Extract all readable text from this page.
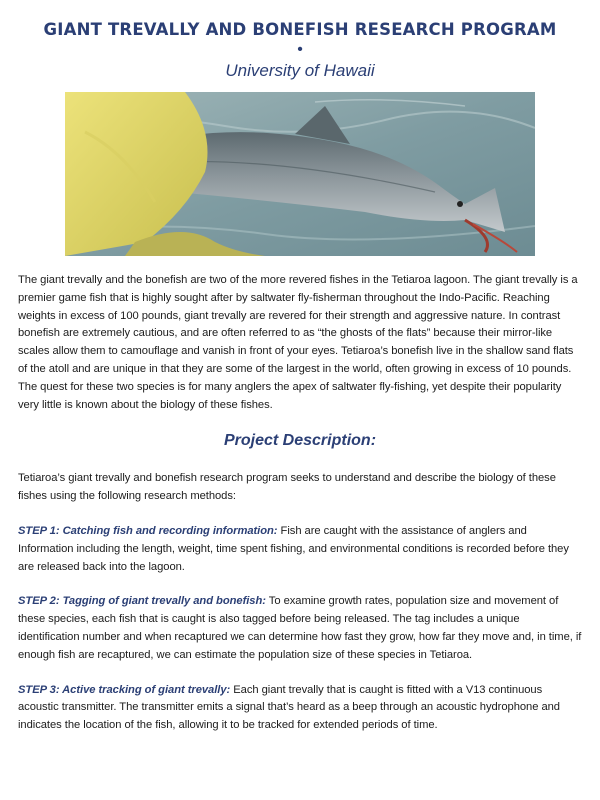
GIANT TREVALLY AND BONEFISH RESEARCH PROGRAM
•
University of Hawaii

The giant trevally and the bonefish are two of the more revered fishes in the Tetiaroa lagoon. The giant trevally is a premier game fish that is highly sought after by saltwater fly-fisherman throughout the Indo-Pacific. Reaching weights in excess of 100 pounds, giant trevally are revered for their strength and aggressive nature. In contrast bonefish are extremely cautious, and are often referred to as “the ghosts of the flats” because their mirror-like scales allow them to camouflage and vanish in front of your eyes. Tetiaroa’s bonefish live in the shallow sand flats of the atoll and are unique in that they are some of the largest in the world, often growing in excess of 10 pounds. The quest for these two species is for many anglers the apex of saltwater fly-fishing, yet despite their popularity very little is known about the biology of these fishes.

Project Description:

Tetiaroa’s giant trevally and bonefish research program seeks to understand and describe the biology of these fishes using the following research methods:

STEP 1: Catching fish and recording information: Fish are caught with the assistance of anglers and Information including the length, weight, time spent fishing, and environmental conditions is recorded before they are released back into the lagoon.

STEP 2: Tagging of giant trevally and bonefish: To examine growth rates, population size and movement of these species, each fish that is caught is also tagged before being released. The tag includes a unique identification number and when recaptured we can determine how fast they grow, how far they move and, in time, if enough fish are recaptured, we can estimate the population size of these species in Tetiaroa.

STEP 3: Active tracking of giant trevally: Each giant trevally that is caught is fitted with a V13 continuous acoustic transmitter. The transmitter emits a signal that’s heard as a beep through an acoustic hydrophone and indicates the location of the fish, allowing it to be tracked for extended periods of time.
